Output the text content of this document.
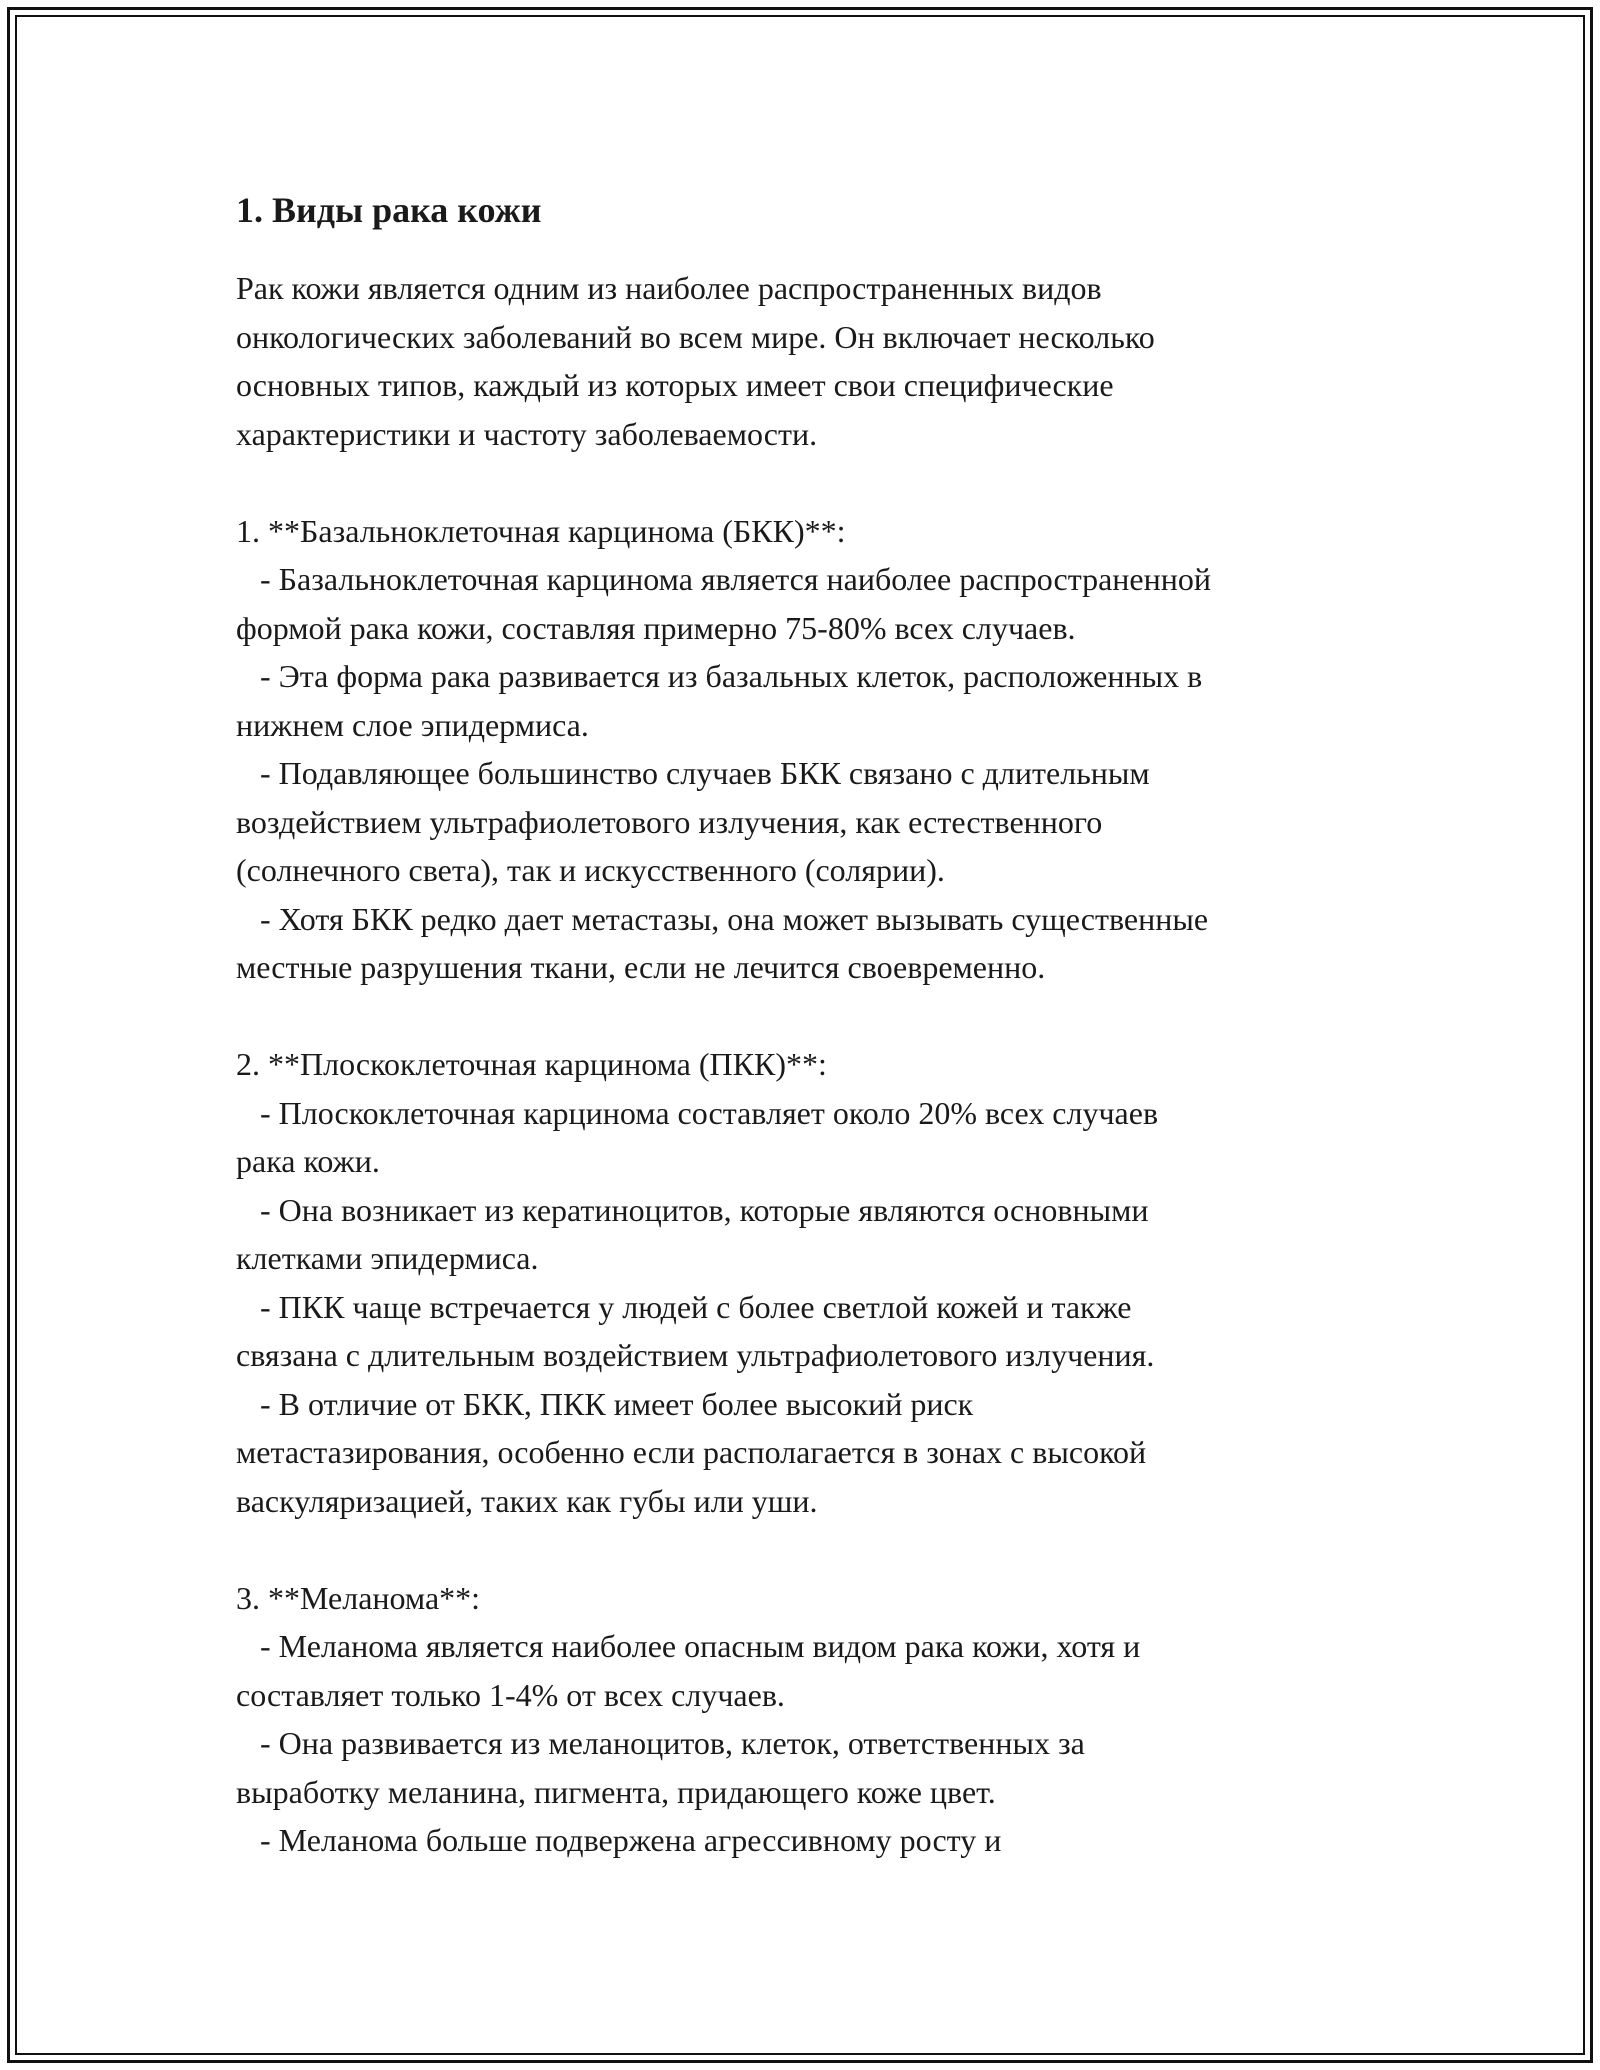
1. Виды рака кожи
Рак кожи является одним из наиболее распространенных видов
онкологических заболеваний во всем мире. Он включает несколько
основных типов, каждый из которых имеет свои специфические
характеристики и частоту заболеваемости.
1. **Базальноклеточная карцинома (БКК)**:
- Базальноклеточная карцинома является наиболее распространенной
формой рака кожи, составляя примерно 75-80% всех случаев.
- Эта форма рака развивается из базальных клеток, расположенных в
нижнем слое эпидермиса.
- Подавляющее большинство случаев БКК связано с длительным
воздействием ультрафиолетового излучения, как естественного
(солнечного света), так и искусственного (солярии).
- Хотя БКК редко дает метастазы, она может вызывать существенные
местные разрушения ткани, если не лечится своевременно.
2. **Плоскоклеточная карцинома (ПКК)**:
- Плоскоклеточная карцинома составляет около 20% всех случаев
рака кожи.
- Она возникает из кератиноцитов, которые являются основными
клетками эпидермиса.
- ПКК чаще встречается у людей с более светлой кожей и также
связана с длительным воздействием ультрафиолетового излучения.
- В отличие от БКК, ПКК имеет более высокий риск
метастазирования, особенно если располагается в зонах с высокой
васкуляризацией, таких как губы или уши.
3. **Меланома**:
- Меланома является наиболее опасным видом рака кожи, хотя и
составляет только 1-4% от всех случаев.
- Она развивается из меланоцитов, клеток, ответственных за
выработку меланина, пигмента, придающего коже цвет.
- Меланома больше подвержена агрессивному росту и
